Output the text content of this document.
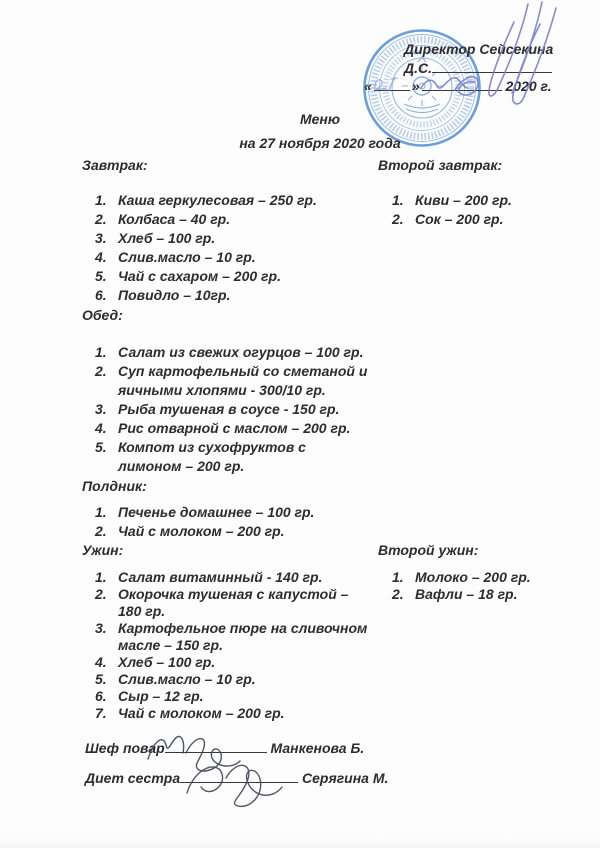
Директор Сейсекина
Д.С.
«	»	2020 г.
Меню
на 27 ноября 2020 года
Завтрак:
Каша геркулесовая – 250 гр.
Колбаса – 40 гр.
Хлеб – 100 гр.
Слив.масло – 10 гр.
Чай с сахаром – 200 гр.
Повидло – 10гр.
Второй завтрак:
Киви – 200 гр.
Сок – 200 гр.
Обед:
Салат из свежих огурцов – 100 гр.
Суп картофельный со сметаной и
яичными хлопями - 300/10 гр.
Рыба тушеная в соусе - 150 гр.
Рис отварной с маслом – 200 гр.
Компот из сухофруктов с
лимоном – 200 гр.
Полдник:
Печенье домашнее – 100 гр.
Чай с молоком – 200 гр.
Ужин:
Салат витаминный - 140 гр.
Окорочка тушеная с капустой –
180 гр.
Картофельное пюре на сливочном
масле – 150 гр.
Хлеб – 100 гр.
Слив.масло – 10 гр.
Сыр – 12 гр.
Чай с молоком – 200 гр.
Второй ужин:
Молоко – 200 гр.
Вафли – 18 гр.
Шеф повар	Манкенова Б.
Диет сестра	Серягина М.
